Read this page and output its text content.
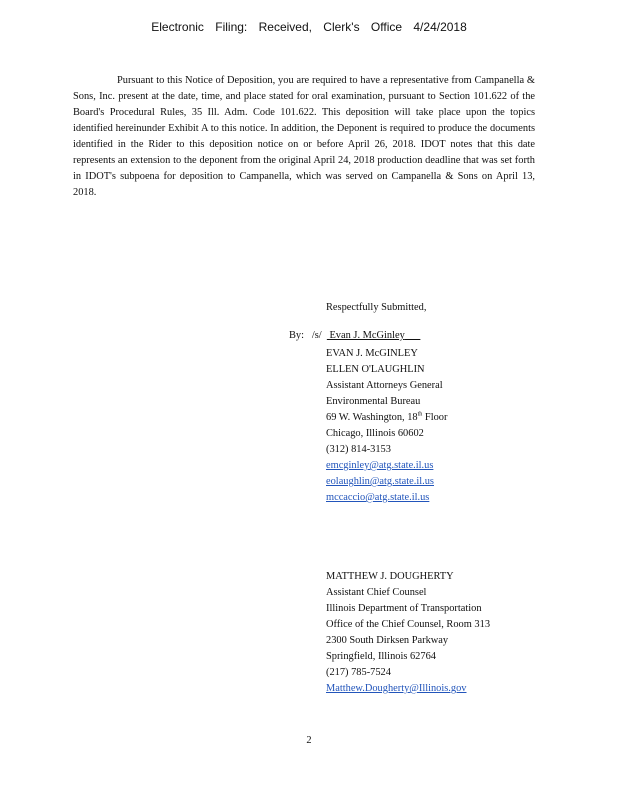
Electronic Filing: Received, Clerk's Office 4/24/2018

Pursuant to this Notice of Deposition, you are required to have a representative from Campanella & Sons, Inc. present at the date, time, and place stated for oral examination, pursuant to Section 101.622 of the Board's Procedural Rules, 35 Ill. Adm. Code 101.622. This deposition will take place upon the topics identified hereinunder Exhibit A to this notice. In addition, the Deponent is required to produce the documents identified in the Rider to this deposition notice on or before April 26, 2018. IDOT notes that this date represents an extension to the deponent from the original April 24, 2018 production deadline that was set forth in IDOT's subpoena for deposition to Campanella, which was served on Campanella & Sons on April 13, 2018.

Respectfully Submitted,
By: /s/ Evan J. McGinley
EVAN J. McGINLEY
ELLEN O'LAUGHLIN
Assistant Attorneys General
Environmental Bureau
69 W. Washington, 18th Floor
Chicago, Illinois 60602
(312) 814-3153
emcginley@atg.state.il.us
eolaughlin@atg.state.il.us
mccaccio@atg.state.il.us
MATTHEW J. DOUGHERTY
Assistant Chief Counsel
Illinois Department of Transportation
Office of the Chief Counsel, Room 313
2300 South Dirksen Parkway
Springfield, Illinois 62764
(217) 785-7524
Matthew.Dougherty@Illinois.gov
2
